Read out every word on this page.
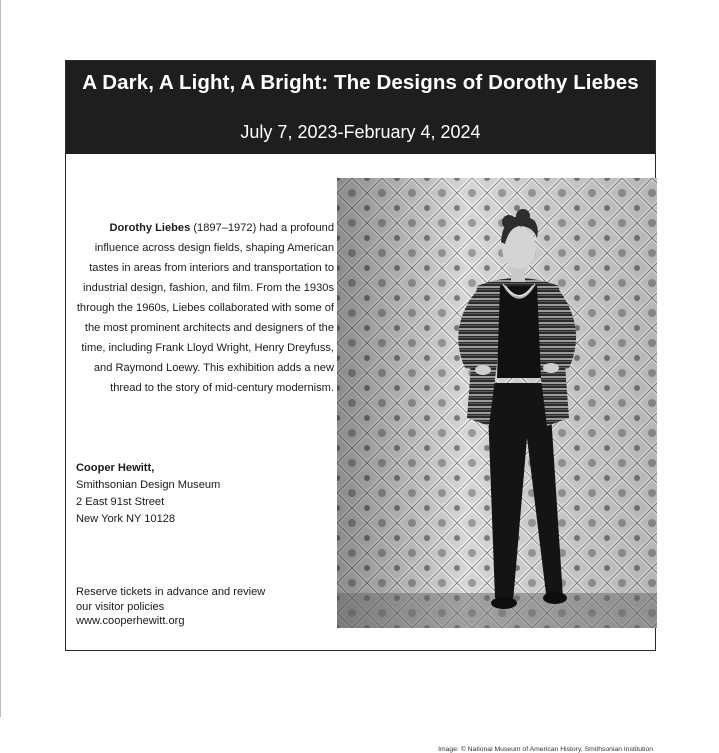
A Dark, A Light, A Bright: The Designs of Dorothy Liebes
July 7, 2023-February 4, 2024
Dorothy Liebes (1897–1972) had a profound influence across design fields, shaping American tastes in areas from interiors and transportation to industrial design, fashion, and film. From the 1930s through the 1960s, Liebes collaborated with some of the most prominent architects and designers of the time, including Frank Lloyd Wright, Henry Dreyfuss, and Raymond Loewy. This exhibition adds a new thread to the story of mid-century modernism.
Cooper Hewitt,
Smithsonian Design Museum
2 East 91st Street
New York NY 10128
Reserve tickets in advance and review
our visitor policies
www.cooperhewitt.org
Image: © National Museum of American History, Smithsonian Institution
